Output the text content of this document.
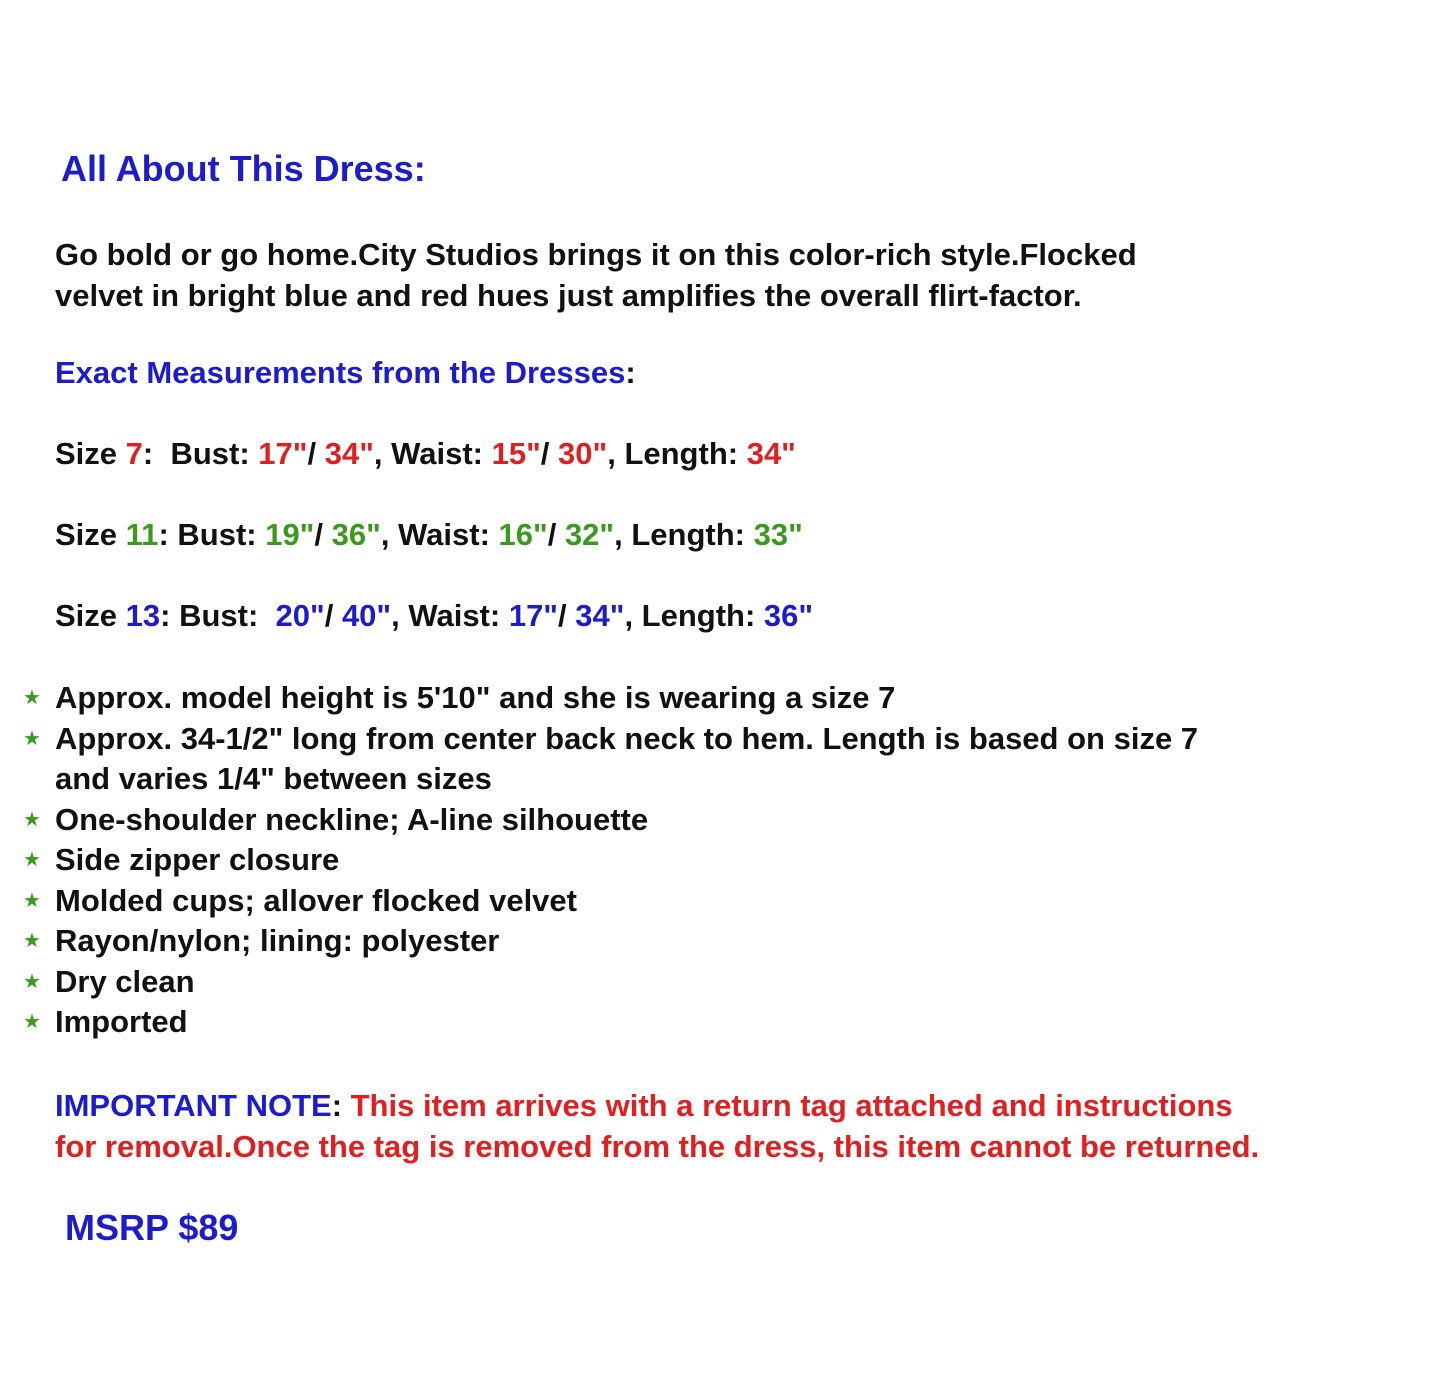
All About This Dress:
Go bold or go home.City Studios brings it on this color-rich style.Flocked
velvet in bright blue and red hues just amplifies the overall flirt-factor.
Exact Measurements from the Dresses:
Size 7:  Bust: 17"/ 34", Waist: 15"/ 30", Length: 34"
Size 11: Bust: 19"/ 36", Waist: 16"/ 32", Length: 33"
Size 13: Bust:  20"/ 40", Waist: 17"/ 34", Length: 36"
★ Approx. model height is 5'10" and she is wearing a size 7
★ Approx. 34-1/2" long from center back neck to hem. Length is based on size 7
and varies 1/4" between sizes
★ One-shoulder neckline; A-line silhouette
★ Side zipper closure
★ Molded cups; allover flocked velvet
★ Rayon/nylon; lining: polyester
★ Dry clean
★ Imported
IMPORTANT NOTE: This item arrives with a return tag attached and instructions
for removal.Once the tag is removed from the dress, this item cannot be returned.
MSRP $89
